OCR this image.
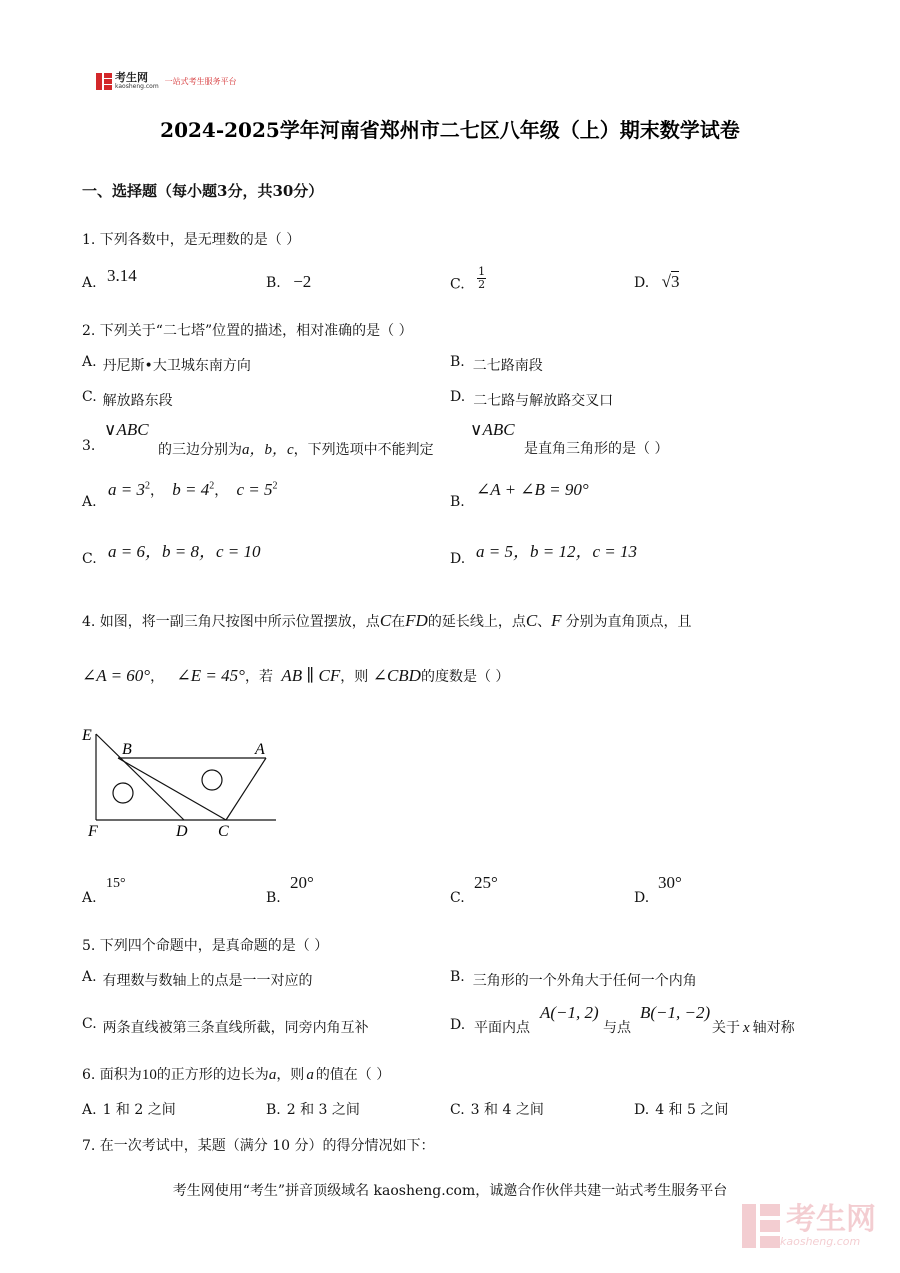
考生网
kaosheng.com
一站式考生服务平台
2024-2025学年河南省郑州市二七区八年级（上）期末数学试卷
一、选择题（每小题3分，共30分）
1. 下列各数中，是无理数的是（ ）
A. 3.14	B. −2	C. $\frac{1}{2}$	D. √3
2. 下列关于“二七塔”位置的描述，相对准确的是（ ）
A. 丹尼斯•大卫城东南方向	B. 二七路南段
C. 解放路东段	D. 二七路与解放路交叉口
3.
∨ABC
的三边分别为a，b，c，下列选项中不能判定
∨ABC
是直角三角形的是（ ）
A.
$a = 3^2$， $b = 4^2$， $c = 5^2$
B.
∠A + ∠B = 90°
C. a = 6，b = 8，c = 10	D. a = 5，b = 12，c = 13
4. 如图，将一副三角尺按图中所示位置摆放，点C在FD的延长线上，点C、F 分别为直角顶点，且
∠A = 60°， ∠E = 45°，若 AB ∥ CF，则 ∠CBD的度数是（ ）
E
B	A
F	D C
A.
15°
B.
20°
C.
25°
D.
30°
5. 下列四个命题中，是真命题的是（ ）
A. 有理数与数轴上的点是一一对应的	B. 三角形的一个外角大于任何一个内角
C. 两条直线被第三条直线所截，同旁内角互补	D. 平面内点
A(−1, 2)
与点
B(−1, −2)
关于 x 轴对称
6. 面积为10的正方形的边长为a，则 a 的值在（ ）
A. 1 和 2 之间	B. 2 和 3 之间	C. 3 和 4 之间	D. 4 和 5 之间
7. 在一次考试中，某题（满分 10 分）的得分情况如下：
考生网使用“考生”拼音顶级域名 kaosheng.com，诚邀合作伙伴共建一站式考生服务平台
考生网
kaosheng.com
